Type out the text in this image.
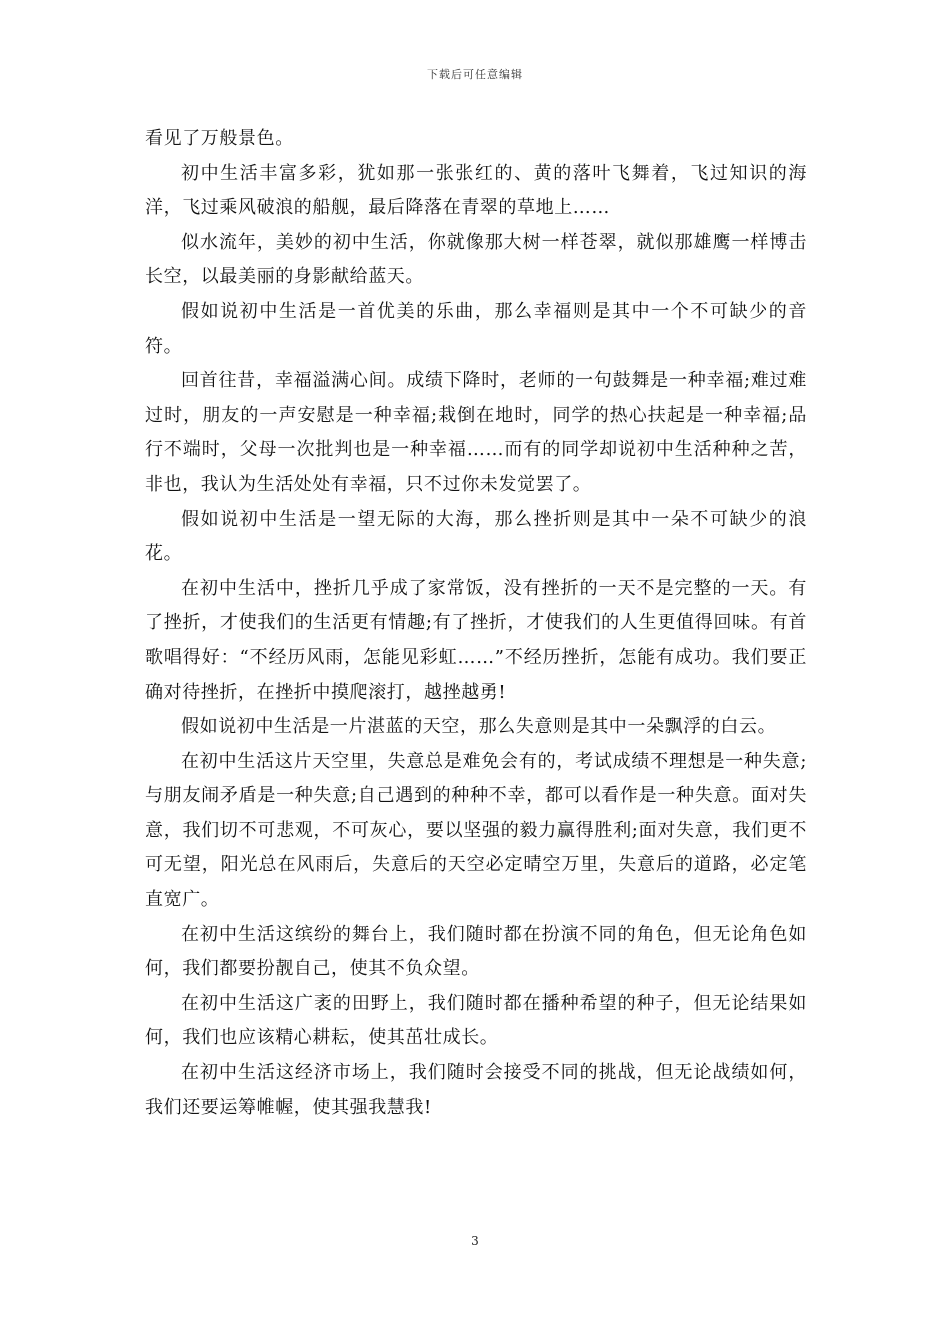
下载后可任意编辑

看见了万般景色。

初中生活丰富多彩，犹如那一张张红的、黄的落叶飞舞着，飞过知识的海洋，飞过乘风破浪的船舰，最后降落在青翠的草地上……

似水流年，美妙的初中生活，你就像那大树一样苍翠，就似那雄鹰一样博击长空，以最美丽的身影献给蓝天。

假如说初中生活是一首优美的乐曲，那么幸福则是其中一个不可缺少的音符。

回首往昔，幸福溢满心间。成绩下降时，老师的一句鼓舞是一种幸福;难过难过时，朋友的一声安慰是一种幸福;栽倒在地时，同学的热心扶起是一种幸福;品行不端时，父母一次批判也是一种幸福……而有的同学却说初中生活种种之苦，非也，我认为生活处处有幸福，只不过你未发觉罢了。

假如说初中生活是一望无际的大海，那么挫折则是其中一朵不可缺少的浪花。

在初中生活中，挫折几乎成了家常饭，没有挫折的一天不是完整的一天。有了挫折，才使我们的生活更有情趣;有了挫折，才使我们的人生更值得回味。有首歌唱得好：“不经历风雨，怎能见彩虹……”不经历挫折，怎能有成功。我们要正确对待挫折，在挫折中摸爬滚打，越挫越勇!

假如说初中生活是一片湛蓝的天空，那么失意则是其中一朵飘浮的白云。

在初中生活这片天空里，失意总是难免会有的，考试成绩不理想是一种失意;与朋友闹矛盾是一种失意;自己遇到的种种不幸，都可以看作是一种失意。面对失意，我们切不可悲观，不可灰心，要以坚强的毅力赢得胜利;面对失意，我们更不可无望，阳光总在风雨后，失意后的天空必定晴空万里，失意后的道路，必定笔直宽广。

在初中生活这缤纷的舞台上，我们随时都在扮演不同的角色，但无论角色如何，我们都要扮靓自己，使其不负众望。

在初中生活这广袤的田野上，我们随时都在播种希望的种子，但无论结果如何，我们也应该精心耕耘，使其茁壮成长。

在初中生活这经济市场上，我们随时会接受不同的挑战，但无论战绩如何，我们还要运筹帷幄，使其强我慧我!

3
